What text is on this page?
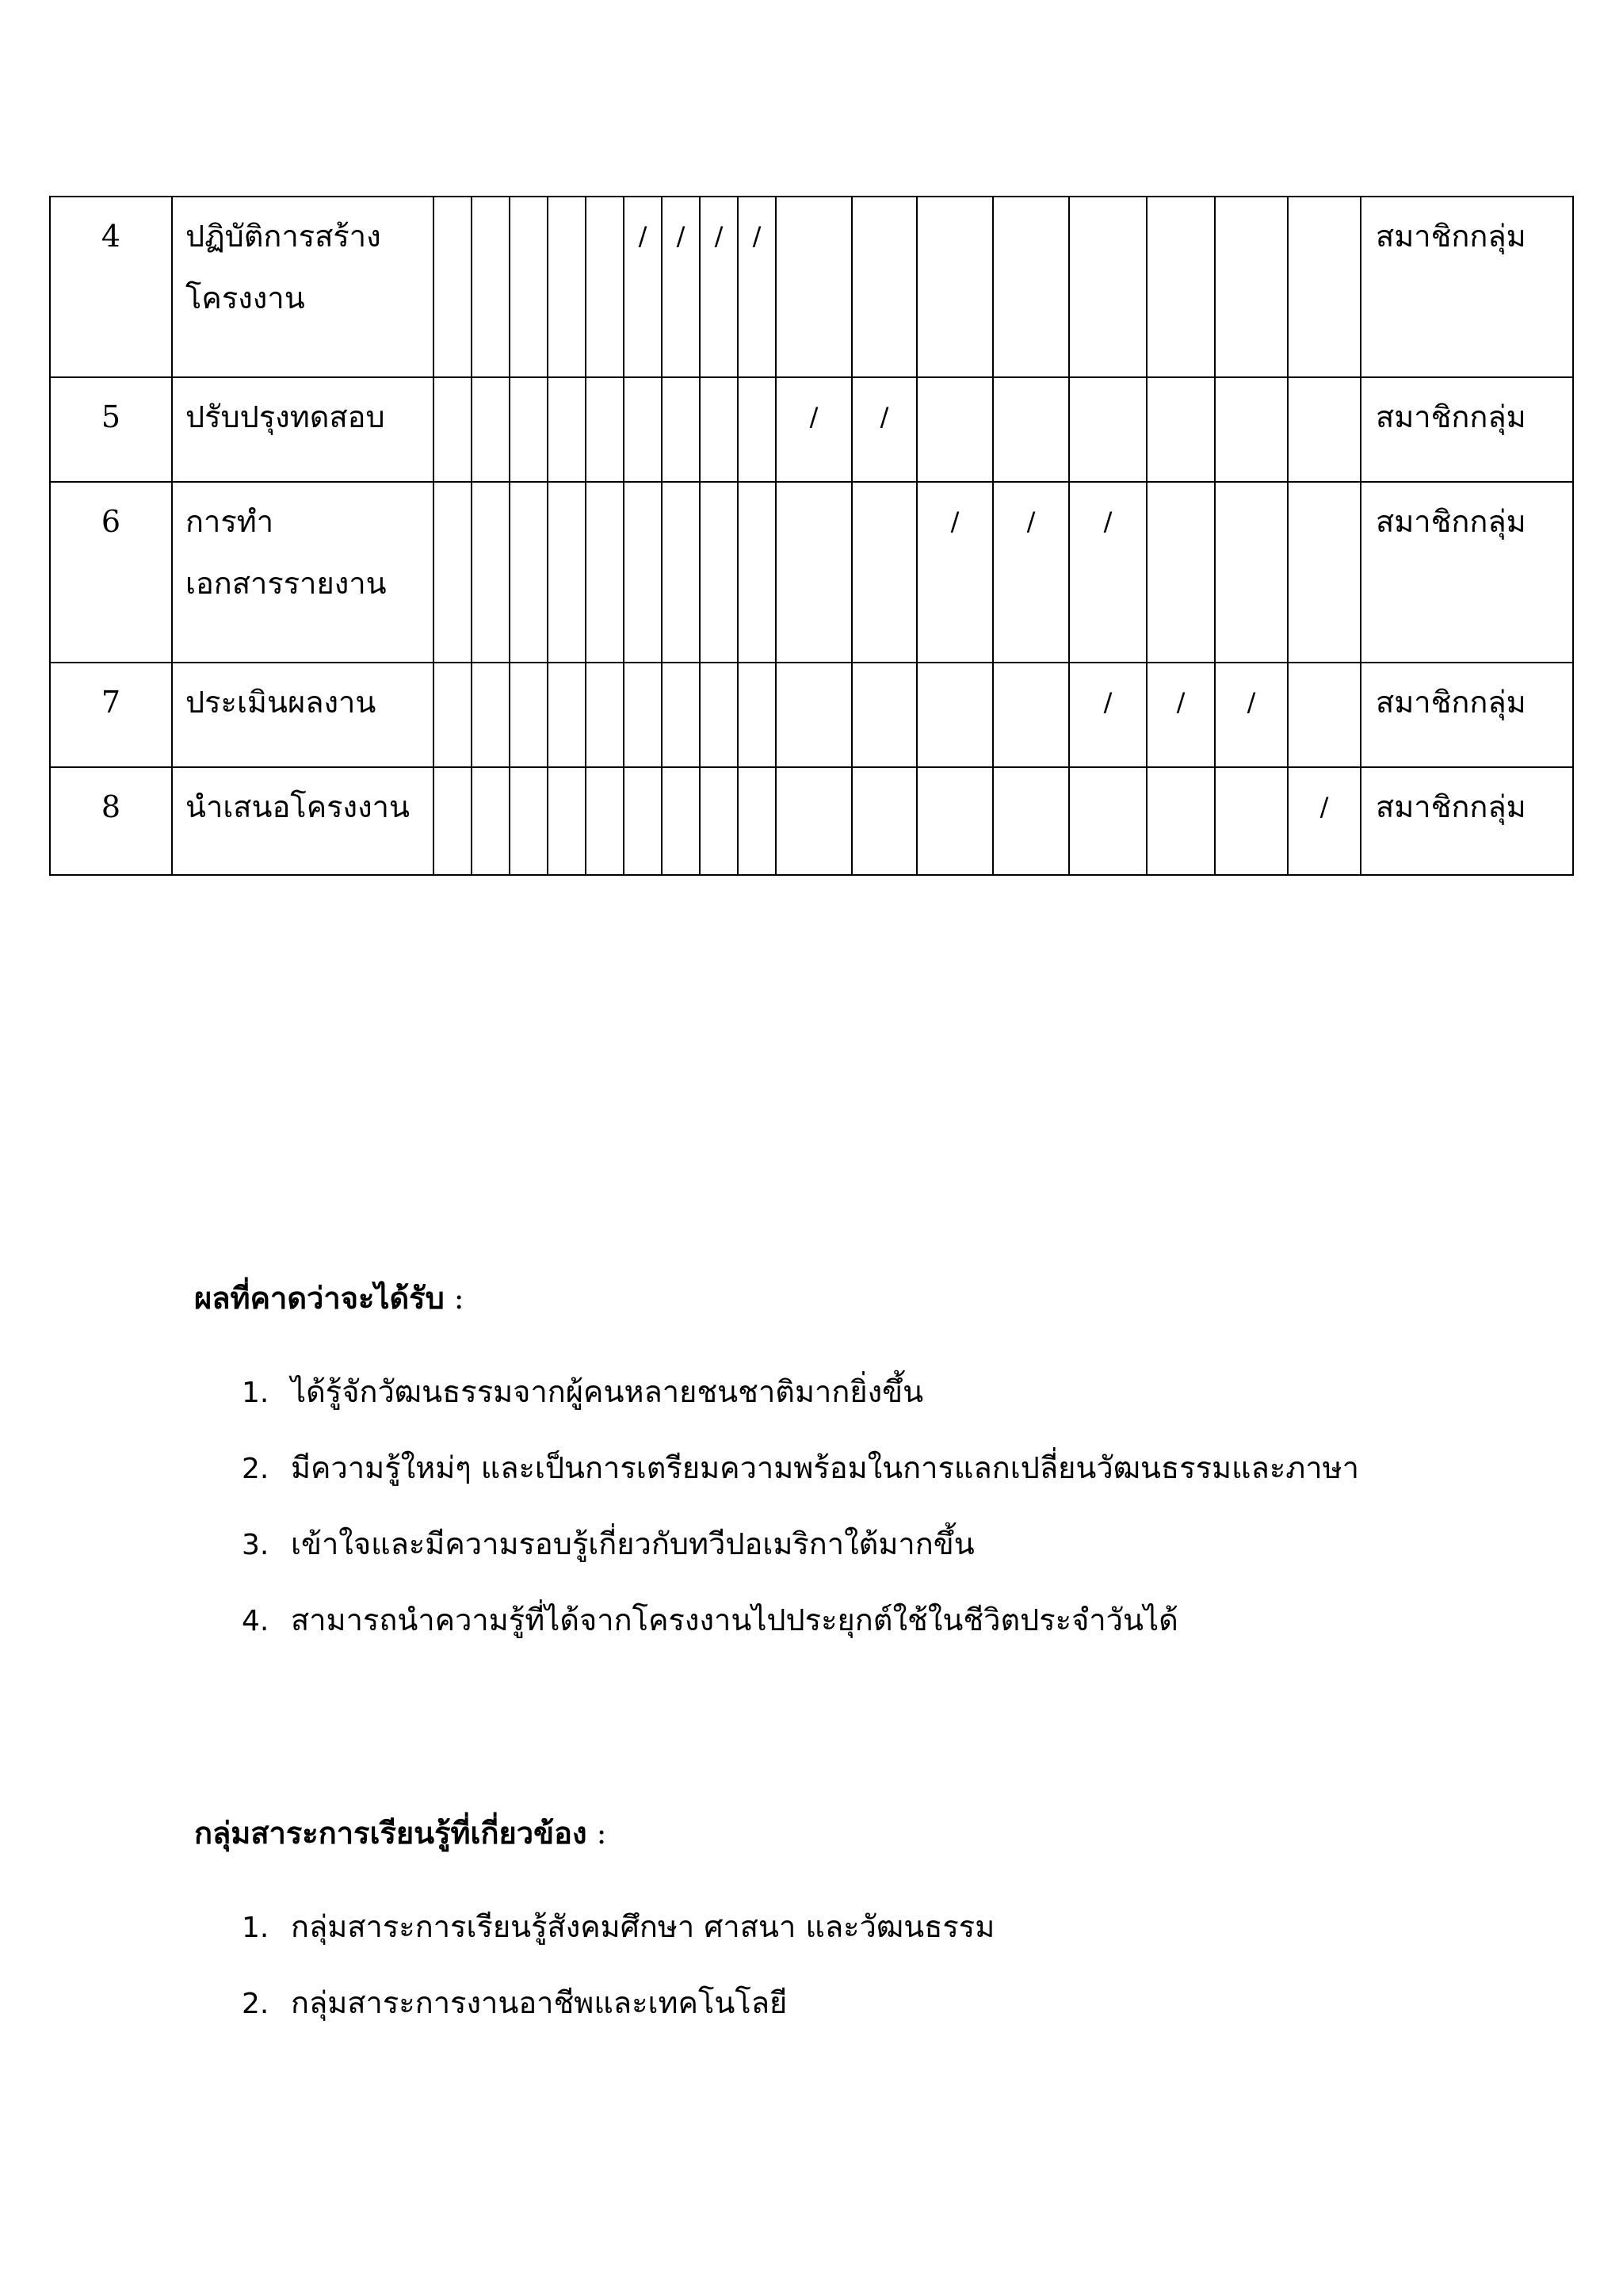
4	ปฏิบัติการสร้าง
โครงงาน						/	/	/	/									สมาชิกกลุ่ม
5	ปรับปรุงทดสอบ										/	/							สมาชิกกลุ่ม
6	การทำ
เอกสารรายงาน												/	/	/				สมาชิกกลุ่ม
7	ประเมินผลงาน														/	/	/		สมาชิกกลุ่ม
8	นำเสนอโครงงาน																	/	สมาชิกกลุ่ม

ผลที่คาดว่าจะได้รับ :

1. ได้รู้จักวัฒนธรรมจากผู้คนหลายชนชาติมากยิ่งขึ้น
2. มีความรู้ใหม่ๆ และเป็นการเตรียมความพร้อมในการแลกเปลี่ยนวัฒนธรรมและภาษา
3. เข้าใจและมีความรอบรู้เกี่ยวกับทวีปอเมริกาใต้มากขึ้น
4. สามารถนำความรู้ที่ได้จากโครงงานไปประยุกต์ใช้ในชีวิตประจำวันได้

กลุ่มสาระการเรียนรู้ที่เกี่ยวข้อง :

1. กลุ่มสาระการเรียนรู้สังคมศึกษา ศาสนา และวัฒนธรรม
2. กลุ่มสาระการงานอาชีพและเทคโนโลยี
